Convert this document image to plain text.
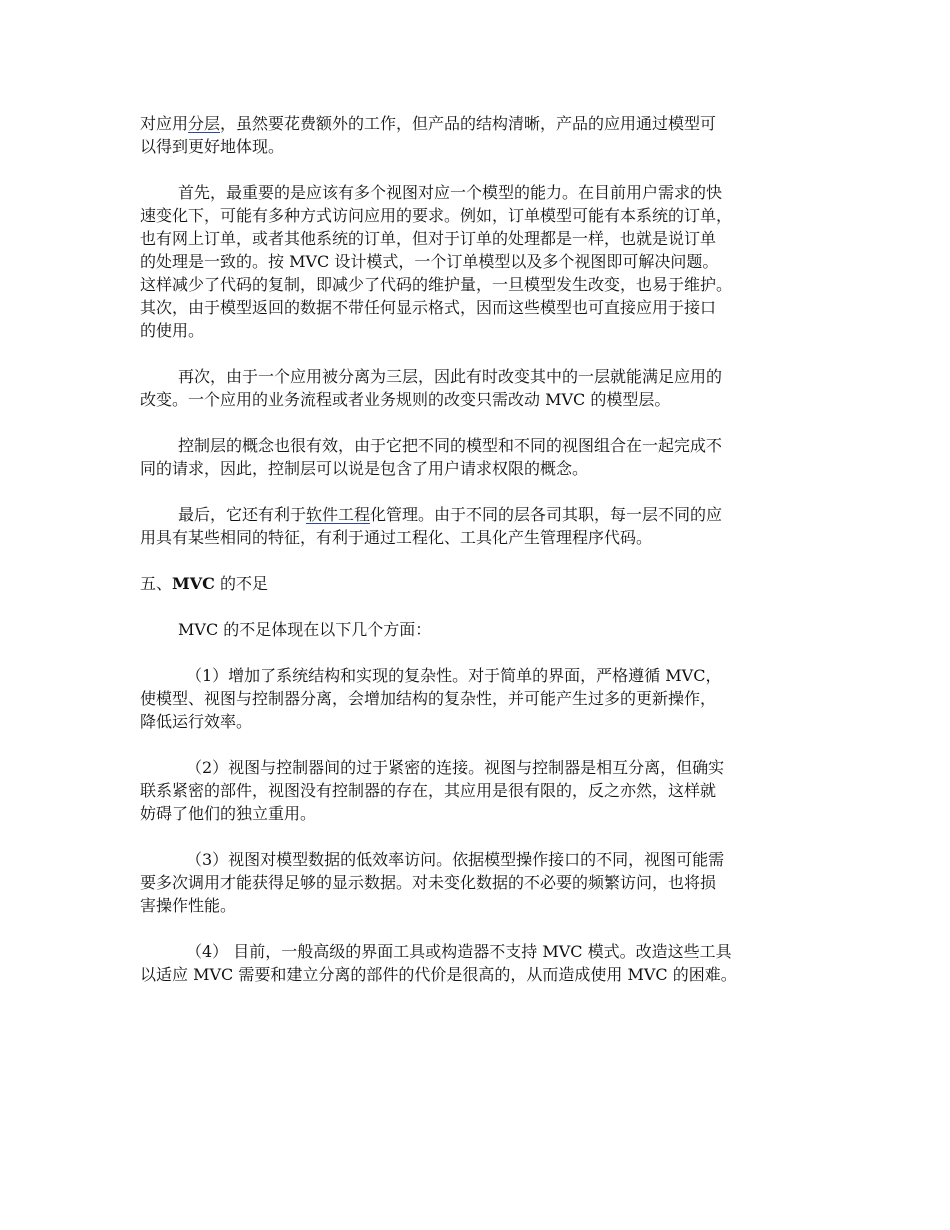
对应用分层，虽然要花费额外的工作，但产品的结构清晰，产品的应用通过模型可
以得到更好地体现。
首先，最重要的是应该有多个视图对应一个模型的能力。在目前用户需求的快
速变化下，可能有多种方式访问应用的要求。例如，订单模型可能有本系统的订单，
也有网上订单，或者其他系统的订单，但对于订单的处理都是一样，也就是说订单
的处理是一致的。按 MVC 设计模式，一个订单模型以及多个视图即可解决问题。
这样减少了代码的复制，即减少了代码的维护量，一旦模型发生改变，也易于维护。
其次，由于模型返回的数据不带任何显示格式，因而这些模型也可直接应用于接口
的使用。
再次，由于一个应用被分离为三层，因此有时改变其中的一层就能满足应用的
改变。一个应用的业务流程或者业务规则的改变只需改动 MVC 的模型层。
控制层的概念也很有效，由于它把不同的模型和不同的视图组合在一起完成不
同的请求，因此，控制层可以说是包含了用户请求权限的概念。
最后，它还有利于软件工程化管理。由于不同的层各司其职，每一层不同的应
用具有某些相同的特征，有利于通过工程化、工具化产生管理程序代码。
五、MVC 的不足
MVC 的不足体现在以下几个方面：
（1）增加了系统结构和实现的复杂性。对于简单的界面，严格遵循 MVC，
使模型、视图与控制器分离，会增加结构的复杂性，并可能产生过多的更新操作，
降低运行效率。
（2）视图与控制器间的过于紧密的连接。视图与控制器是相互分离，但确实
联系紧密的部件，视图没有控制器的存在，其应用是很有限的，反之亦然，这样就
妨碍了他们的独立重用。
（3）视图对模型数据的低效率访问。依据模型操作接口的不同，视图可能需
要多次调用才能获得足够的显示数据。对未变化数据的不必要的频繁访问，也将损
害操作性能。
（4） 目前，一般高级的界面工具或构造器不支持 MVC 模式。改造这些工具
以适应 MVC 需要和建立分离的部件的代价是很高的，从而造成使用 MVC 的困难。
